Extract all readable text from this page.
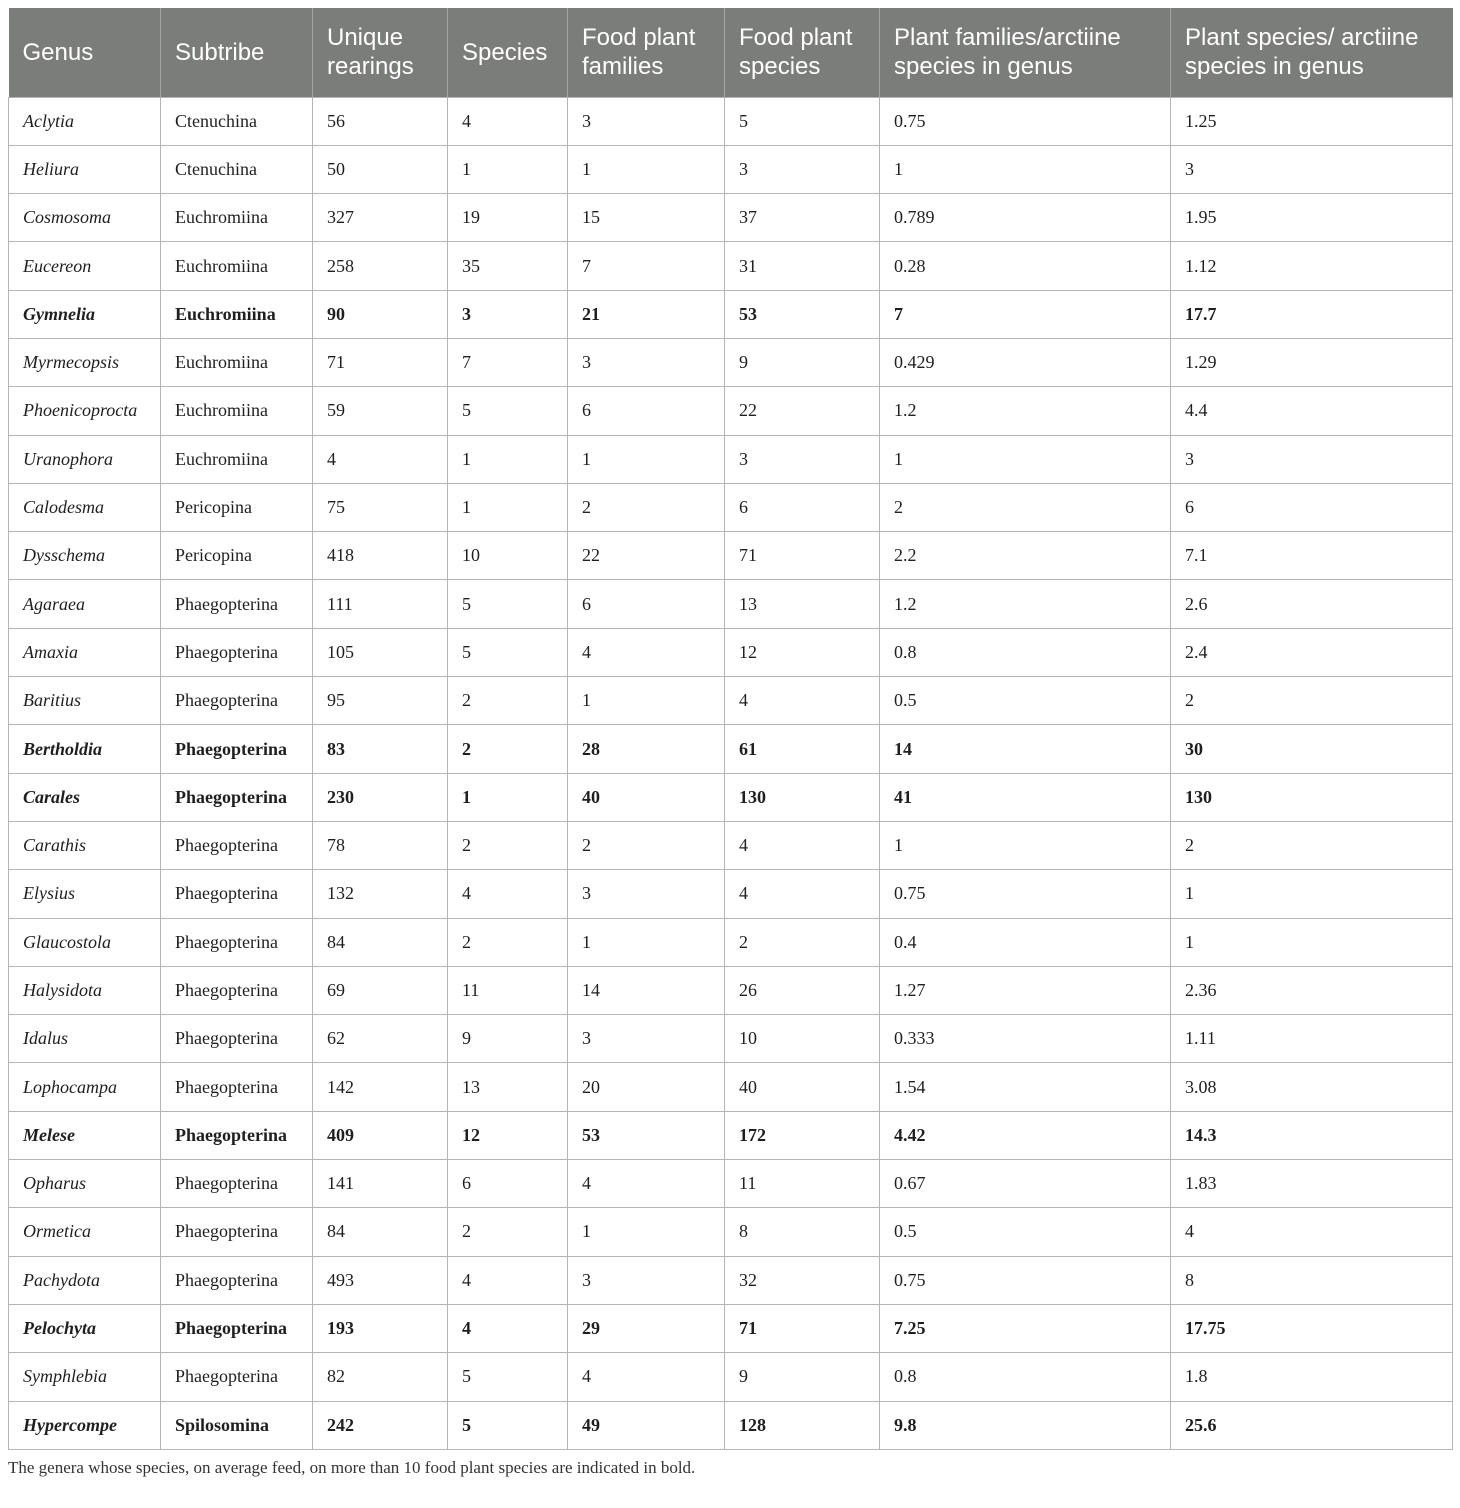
Genus	Subtribe	Unique rearings	Species	Food plant families	Food plant species	Plant families/arctiine species in genus	Plant species/ arctiine species in genus
Aclytia	Ctenuchina	56	4	3	5	0.75	1.25
Heliura	Ctenuchina	50	1	1	3	1	3
Cosmosoma	Euchromiina	327	19	15	37	0.789	1.95
Eucereon	Euchromiina	258	35	7	31	0.28	1.12
Gymnelia	Euchromiina	90	3	21	53	7	17.7
Myrmecopsis	Euchromiina	71	7	3	9	0.429	1.29
Phoenicoprocta	Euchromiina	59	5	6	22	1.2	4.4
Uranophora	Euchromiina	4	1	1	3	1	3
Calodesma	Pericopina	75	1	2	6	2	6
Dysschema	Pericopina	418	10	22	71	2.2	7.1
Agaraea	Phaegopterina	111	5	6	13	1.2	2.6
Amaxia	Phaegopterina	105	5	4	12	0.8	2.4
Baritius	Phaegopterina	95	2	1	4	0.5	2
Bertholdia	Phaegopterina	83	2	28	61	14	30
Carales	Phaegopterina	230	1	40	130	41	130
Carathis	Phaegopterina	78	2	2	4	1	2
Elysius	Phaegopterina	132	4	3	4	0.75	1
Glaucostola	Phaegopterina	84	2	1	2	0.4	1
Halysidota	Phaegopterina	69	11	14	26	1.27	2.36
Idalus	Phaegopterina	62	9	3	10	0.333	1.11
Lophocampa	Phaegopterina	142	13	20	40	1.54	3.08
Melese	Phaegopterina	409	12	53	172	4.42	14.3
Opharus	Phaegopterina	141	6	4	11	0.67	1.83
Ormetica	Phaegopterina	84	2	1	8	0.5	4
Pachydota	Phaegopterina	493	4	3	32	0.75	8
Pelochyta	Phaegopterina	193	4	29	71	7.25	17.75
Symphlebia	Phaegopterina	82	5	4	9	0.8	1.8
Hypercompe	Spilosomina	242	5	49	128	9.8	25.6
The genera whose species, on average feed, on more than 10 food plant species are indicated in bold.
